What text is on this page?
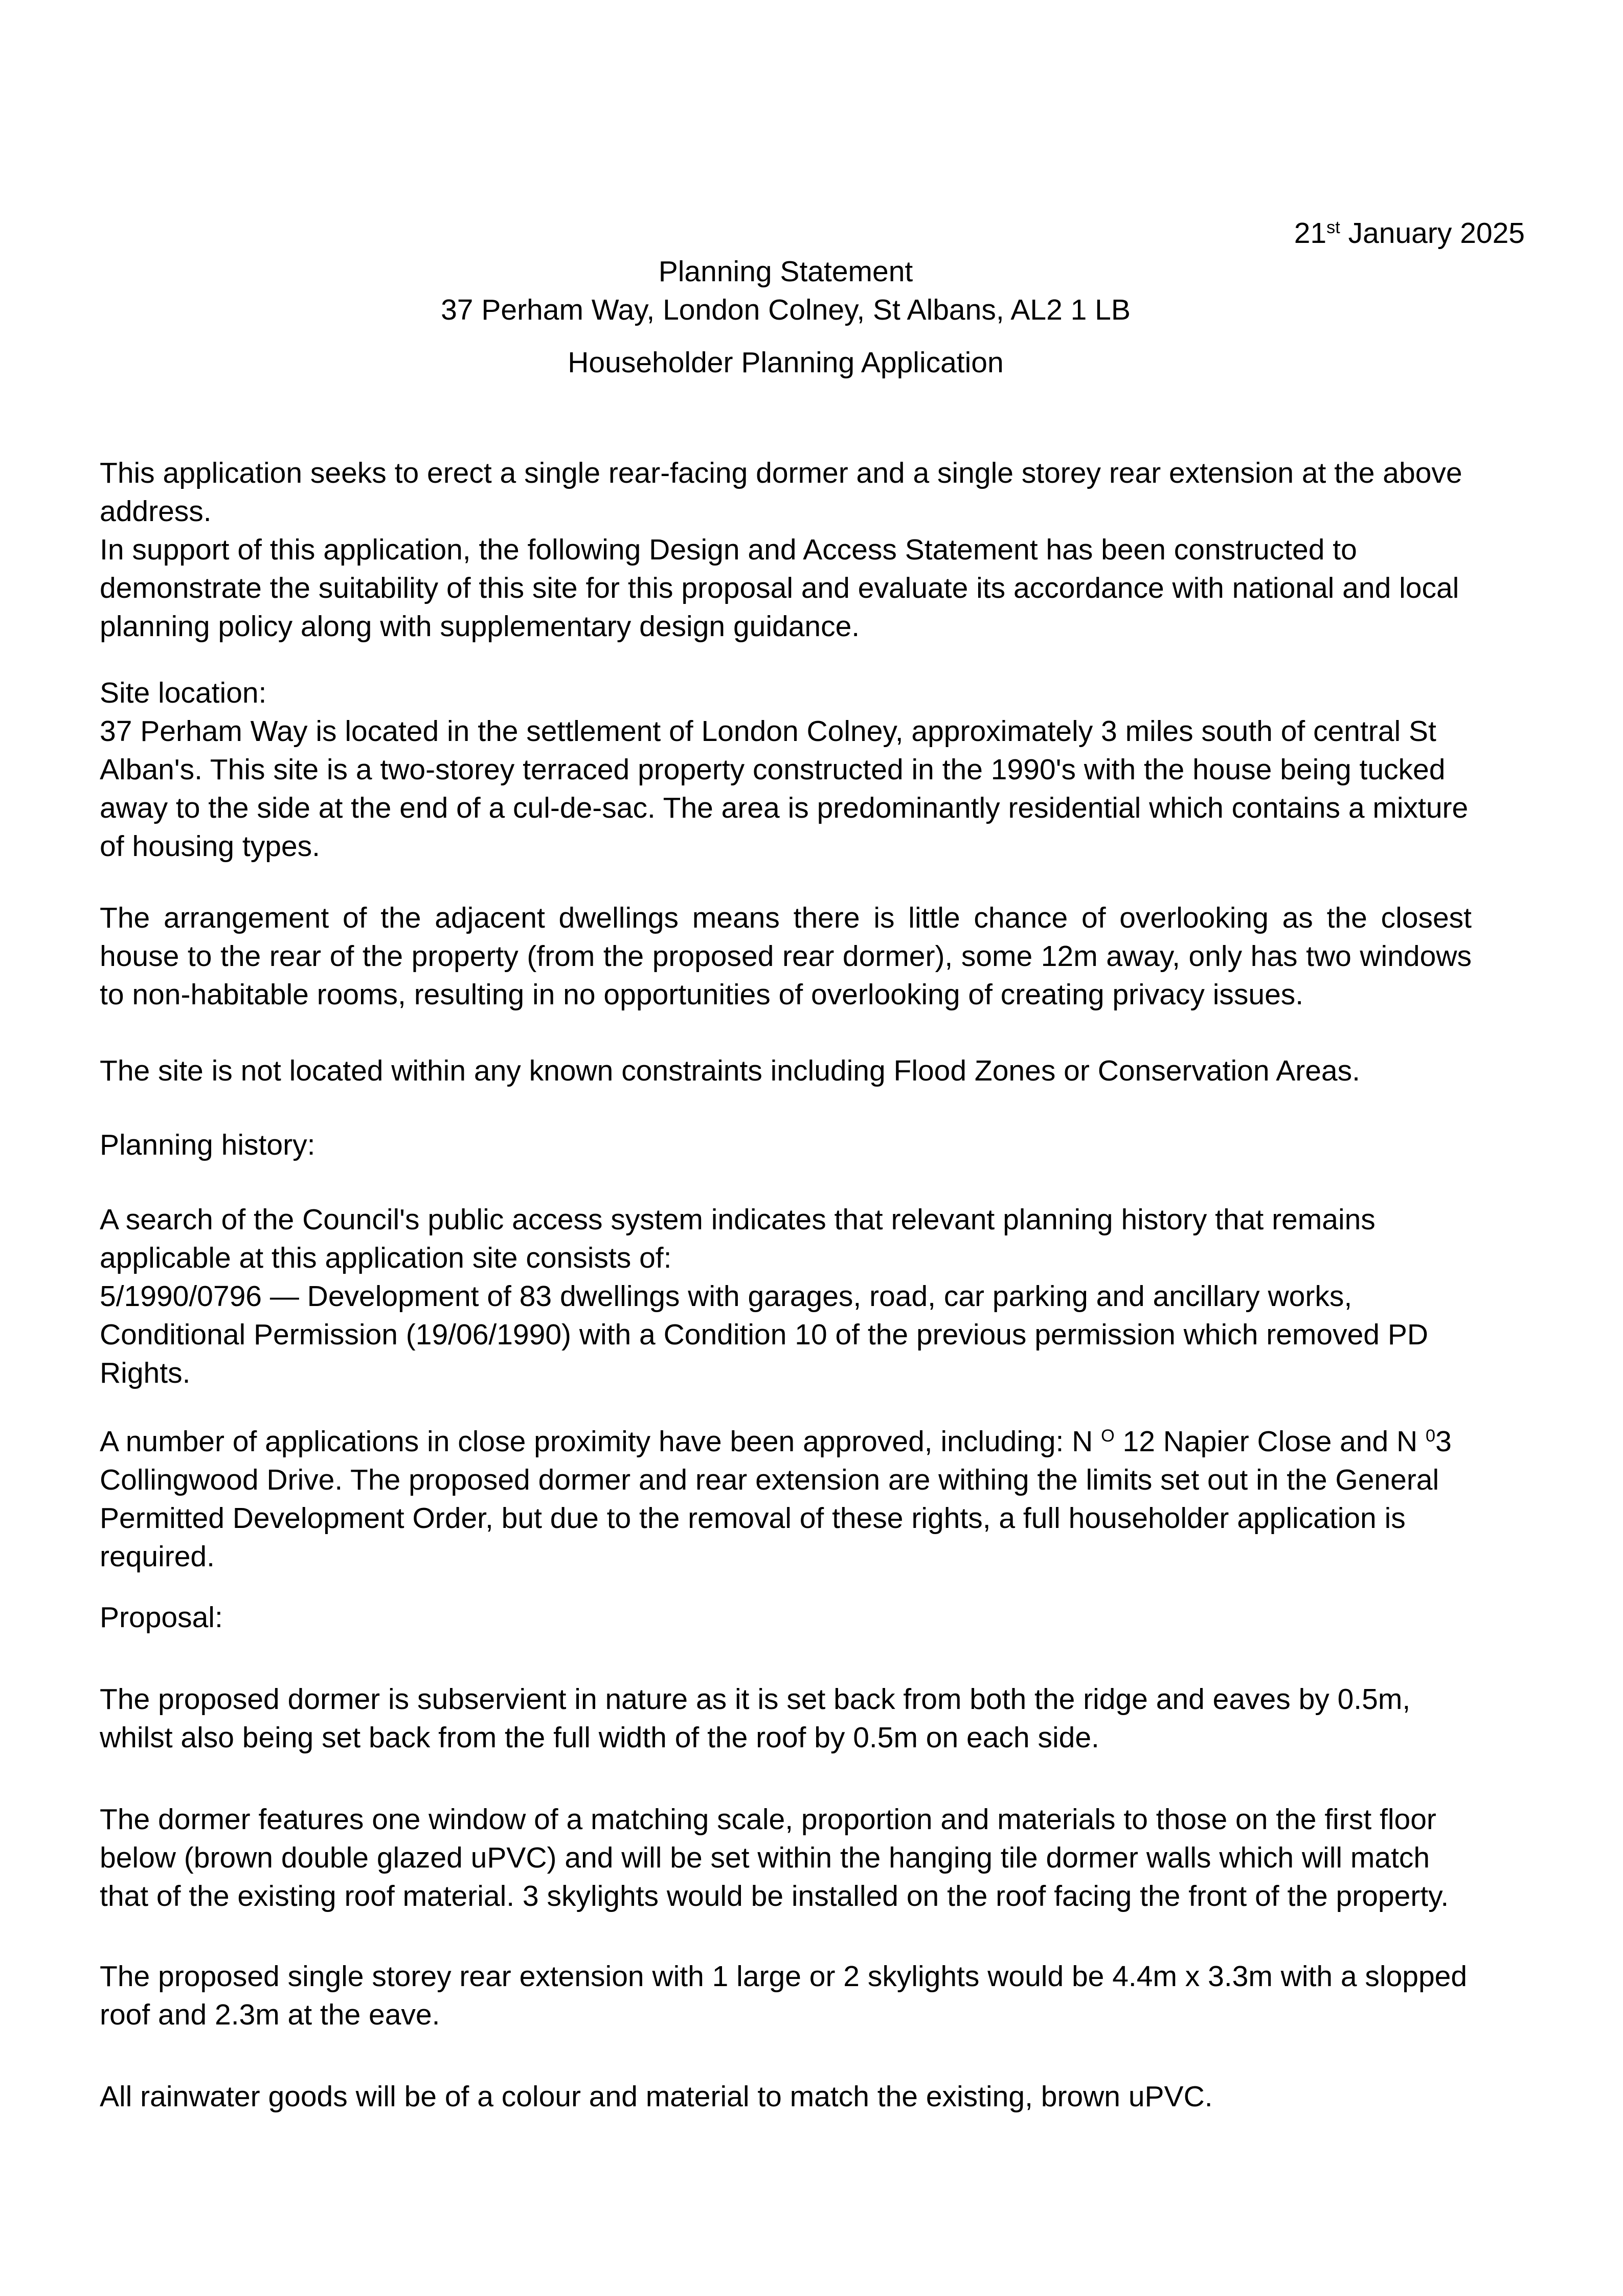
21st January 2025

Planning Statement

37 Perham Way, London Colney, St Albans, AL2 1 LB

Householder Planning Application

This application seeks to erect a single rear-facing dormer and a single storey rear extension at the above address.

In support of this application, the following Design and Access Statement has been constructed to demonstrate the suitability of this site for this proposal and evaluate its accordance with national and local planning policy along with supplementary design guidance.

Site location:

37 Perham Way is located in the settlement of London Colney, approximately 3 miles south of central St Alban's. This site is a two-storey terraced property constructed in the 1990's with the house being tucked away to the side at the end of a cul-de-sac. The area is predominantly residential which contains a mixture of housing types.

The arrangement of the adjacent dwellings means there is little chance of overlooking as the closest house to the rear of the property (from the proposed rear dormer), some 12m away, only has two windows to non-habitable rooms, resulting in no opportunities of overlooking of creating privacy issues.

The site is not located within any known constraints including Flood Zones or Conservation Areas.

Planning history:

A search of the Council's public access system indicates that relevant planning history that remains applicable at this application site consists of:

5/1990/0796 — Development of 83 dwellings with garages, road, car parking and ancillary works, Conditional Permission (19/06/1990) with a Condition 10 of the previous permission which removed PD Rights.

A number of applications in close proximity have been approved, including: N $^O$ 12 Napier Close and N $^0$3 Collingwood Drive. The proposed dormer and rear extension are withing the limits set out in the General Permitted Development Order, but due to the removal of these rights, a full householder application is required.

Proposal:

The proposed dormer is subservient in nature as it is set back from both the ridge and eaves by 0.5m, whilst also being set back from the full width of the roof by 0.5m on each side.

The dormer features one window of a matching scale, proportion and materials to those on the first floor below (brown double glazed uPVC) and will be set within the hanging tile dormer walls which will match that of the existing roof material. 3 skylights would be installed on the roof facing the front of the property.

The proposed single storey rear extension with 1 large or 2 skylights would be 4.4m x 3.3m with a slopped roof and 2.3m at the eave.

All rainwater goods will be of a colour and material to match the existing, brown uPVC.
